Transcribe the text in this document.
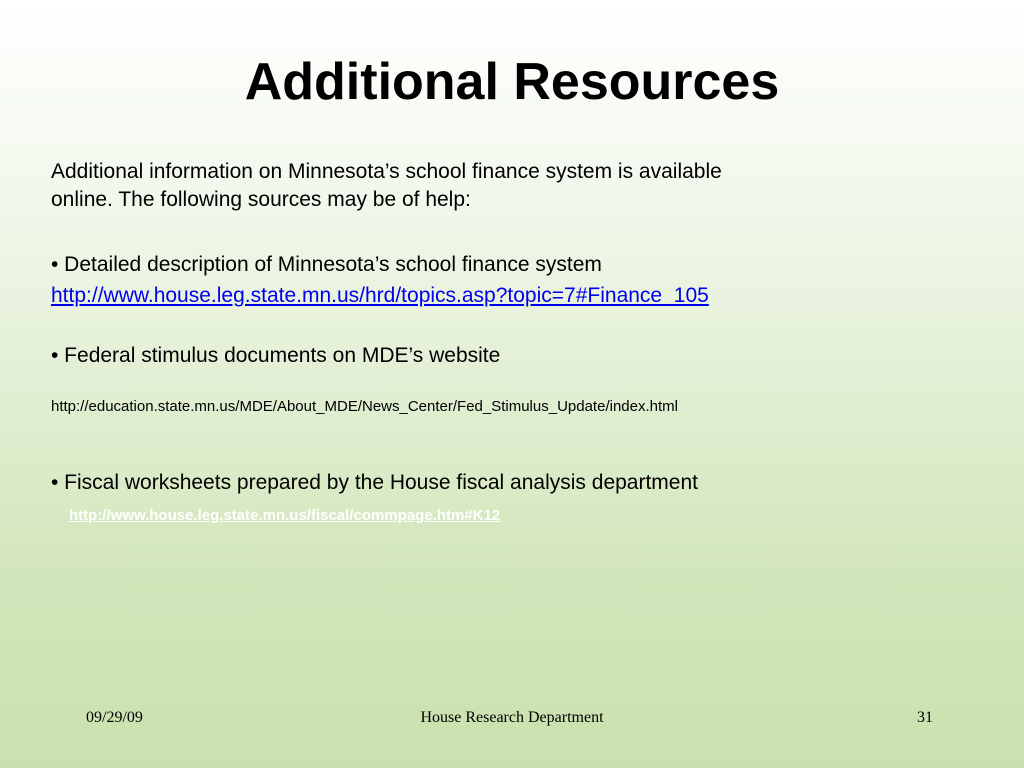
Additional Resources
Additional information on Minnesota’s school finance system is available
online. The following sources may be of help:
• Detailed description of Minnesota’s school finance system
http://www.house.leg.state.mn.us/hrd/topics.asp?topic=7#Finance_105
• Federal stimulus documents on MDE’s website
http://education.state.mn.us/MDE/About_MDE/News_Center/Fed_Stimulus_Update/index.html
• Fiscal worksheets prepared by the House fiscal analysis department
http://www.house.leg.state.mn.us/fiscal/commpage.htm#K12
09/29/09	House Research Department	31
